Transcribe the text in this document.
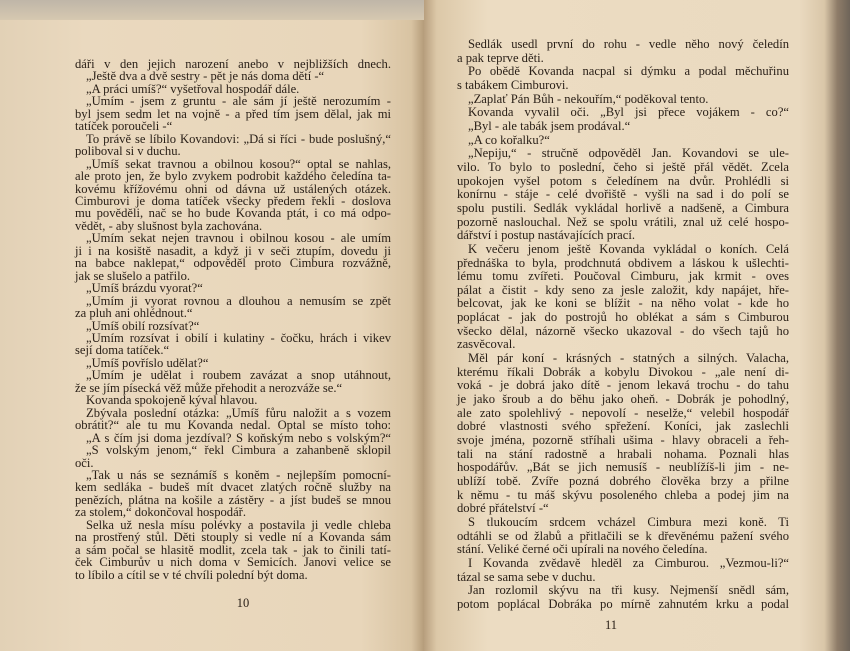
dáři v den jejich narození anebo v nejbližších dnech.
„Ještě dva a dvě sestry - pět je nás doma dětí -“
„A práci umíš?“ vyšetřoval hospodář dále.
„Umím - jsem z gruntu - ale sám jí ještě nerozumím -
byl jsem sedm let na vojně - a před tím jsem dělal, jak mi
tatíček poroučeli -“
To právě se líbilo Kovandovi: „Dá si říci - bude poslušný,“
poliboval si v duchu.
„Umíš sekat travnou a obilnou kosou?“ optal se nahlas,
ale proto jen, že bylo zvykem podrobit každého čeledína ta-
kovému křížovému ohni od dávna už ustálených otázek.
Cimburovi je doma tatíček všecky předem řekli - doslova
mu pověděli, nač se ho bude Kovanda ptát, i co má odpo-
vědět, - aby slušnost byla zachována.
„Umím sekat nejen travnou i obilnou kosou - ale umím
ji i na kosiště nasadit, a když ji v seči ztupím, dovedu ji
na babce naklepat,“ odpověděl proto Cimbura rozvážně,
jak se slušelo a patřilo.
„Umíš brázdu vyorat?“
„Umím ji vyorat rovnou a dlouhou a nemusím se zpět
za pluh ani ohlédnout.“
„Umíš obilí rozsívat?“
„Umím rozsívat i obilí i kulatiny - čočku, hrách i vikev
sejí doma tatíček.“
„Umíš povříslo udělat?“
„Umím je udělat i roubem zavázat a snop utáhnout,
že se jím písecká věž může přehodit a nerozváže se.“
Kovanda spokojeně kýval hlavou.
Zbývala poslední otázka: „Umíš fůru naložit a s vozem
obrátit?“ ale tu mu Kovanda nedal. Optal se místo toho:
„A s čím jsi doma jezdíval? S koňským nebo s volským?“
„S volským jenom,“ řekl Cimbura a zahanbeně sklopil
oči.
„Tak u nás se seznámíš s koněm - nejlepším pomocní-
kem sedláka - budeš mít dvacet zlatých ročně služby na
penězích, plátna na košile a zástěry - a jíst budeš se mnou
za stolem,“ dokončoval hospodář.
Selka už nesla mísu polévky a postavila ji vedle chleba
na prostřený stůl. Děti stouply si vedle ní a Kovanda sám
a sám počal se hlasitě modlit, zcela tak - jak to činili tatí-
ček Cimburův u nich doma v Semicích. Janovi velice se
to líbilo a cítil se v té chvíli polední být doma.
10
Sedlák usedl první do rohu - vedle něho nový čeledín
a pak teprve děti.
Po obědě Kovanda nacpal si dýmku a podal měchuřinu
s tabákem Cimburovi.
„Zaplať Pán Bůh - nekouřím,“ poděkoval tento.
Kovanda vyvalil oči. „Byl jsi přece vojákem - co?“
„Byl - ale tabák jsem prodával.“
„A co kořalku?“
„Nepiju,“ - stručně odpověděl Jan. Kovandovi se ule-
vilo. To bylo to poslední, čeho si ještě přál vědět. Zcela
upokojen vyšel potom s čeledínem na dvůr. Prohlédli si
konírnu - stáje - celé dvořiště - vyšli na sad i do polí se
spolu pustili. Sedlák vykládal horlivě a nadšeně, a Cimbura
pozorně naslouchal. Než se spolu vrátili, znal už celé hospo-
dářství i postup nastávajících prací.
K večeru jenom ještě Kovanda vykládal o koních. Celá
přednáška to byla, prodchnutá obdivem a láskou k ušlechti-
lému tomu zvířeti. Poučoval Cimburu, jak krmit - oves
pálat a čistit - kdy seno za jesle založit, kdy napájet, hře-
belcovat, jak ke koni se blížit - na něho volat - kde ho
poplácat - jak do postrojů ho oblékat a sám s Cimburou
všecko dělal, názorně všecko ukazoval - do všech tajů ho
zasvěcoval.
Měl pár koní - krásných - statných a silných. Valacha,
kterému říkali Dobrák a kobylu Divokou - „ale není di-
voká - je dobrá jako dítě - jenom lekavá trochu - do tahu
je jako šroub a do běhu jako oheň. - Dobrák je pohodlný,
ale zato spolehlivý - nepovolí - neselže,“ velebil hospodář
dobré vlastnosti svého spřežení. Koníci, jak zaslechli
svoje jména, pozorně stříhali ušima - hlavy obraceli a řeh-
tali na stání radostně a hrabali nohama. Poznali hlas
hospodářův. „Bát se jich nemusíš - neublížíš-li jim - ne-
ublíží tobě. Zvíře pozná dobrého člověka brzy a přilne
k němu - tu máš skývu posoleného chleba a podej jim na
dobré přátelství -“
S tlukoucím srdcem vcházel Cimbura mezi koně. Ti
odtáhli se od žlabů a přitlačili se k dřevěnému pažení svého
stání. Veliké černé oči upírali na nového čeledína.
I Kovanda zvědavě hleděl za Cimburou. „Vezmou-li?“
tázal se sama sebe v duchu.
Jan rozlomil skývu na tři kusy. Nejmenší snědl sám,
potom poplácal Dobráka po mírně zahnutém krku a podal
11
